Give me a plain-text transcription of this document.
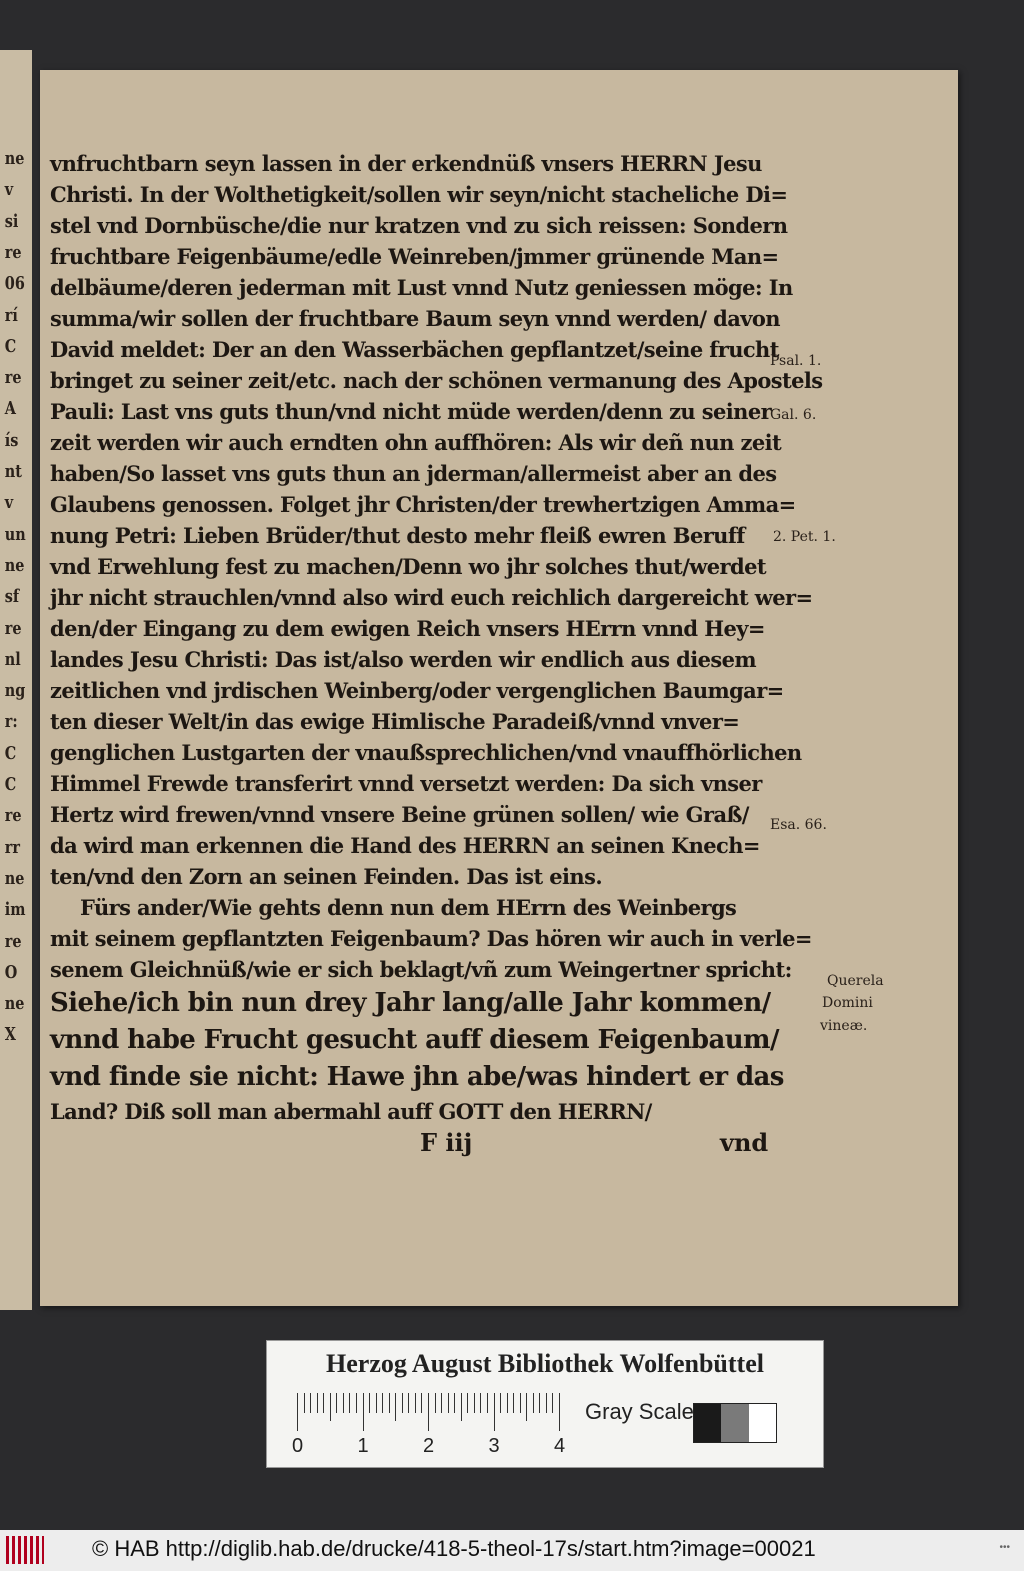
ne
v
si
re
06
rí
C
re
A
ís
nt
v
un
ne
sf
re
nl
ng
r:
C
C
re
rr
ne
im
re
O
ne
X
vnfruchtbarn seyn lassen in der erkendnüß vnsers HERRN Jesu
Christi. In der Wolthetigkeit/sollen wir seyn/nicht stacheliche Di=
stel vnd Dornbüsche/die nur kratzen vnd zu sich reissen: Sondern
fruchtbare Feigenbäume/edle Weinreben/jmmer grünende Man=
delbäume/deren jederman mit Lust vnnd Nutz geniessen möge: In
summa/wir sollen der fruchtbare Baum seyn vnnd werden/ davon
David meldet: Der an den Wasserbächen gepflantzet/seine frucht
bringet zu seiner zeit/etc. nach der schönen vermanung des Apostels
Pauli: Last vns guts thun/vnd nicht müde werden/denn zu seiner
zeit werden wir auch erndten ohn auffhören: Als wir deñ nun zeit
haben/So lasset vns guts thun an jderman/allermeist aber an des
Glaubens genossen. Folget jhr Christen/der trewhertzigen Amma=
nung Petri: Lieben Brüder/thut desto mehr fleiß ewren Beruff
vnd Erwehlung fest zu machen/Denn wo jhr solches thut/werdet
jhr nicht strauchlen/vnnd also wird euch reichlich dargereicht wer=
den/der Eingang zu dem ewigen Reich vnsers HErrn vnnd Hey=
landes Jesu Christi: Das ist/also werden wir endlich aus diesem
zeitlichen vnd jrdischen Weinberg/oder vergenglichen Baumgar=
ten dieser Welt/in das ewige Himlische Paradeiß/vnnd vnver=
genglichen Lustgarten der vnaußsprechlichen/vnd vnauffhörlichen
Himmel Frewde transferirt vnnd versetzt werden: Da sich vnser
Hertz wird frewen/vnnd vnsere Beine grünen sollen/ wie Graß/
da wird man erkennen die Hand des HERRN an seinen Knech=
ten/vnd den Zorn an seinen Feinden. Das ist eins.
Fürs ander/Wie gehts denn nun dem HErrn des Weinbergs
mit seinem gepflantzten Feigenbaum? Das hören wir auch in verle=
senem Gleichnüß/wie er sich beklagt/vñ zum Weingertner spricht:
Siehe/ich bin nun drey Jahr lang/alle Jahr kommen/
vnnd habe Frucht gesucht auff diesem Feigenbaum/
vnd finde sie nicht: Hawe jhn abe/was hindert er das
Land? Diß soll man abermahl auff GOTT den HERRN/
F iij	vnd
Psal. 1.
Gal. 6.
2. Pet. 1.
Esa. 66.
Querela
Domini
vineæ.
Herzog August Bibliothek Wolfenbüttel
0	1	2	3	4
Gray Scale
© HAB http://diglib.hab.de/drucke/418-5-theol-17s/start.htm?image=00021	•••
